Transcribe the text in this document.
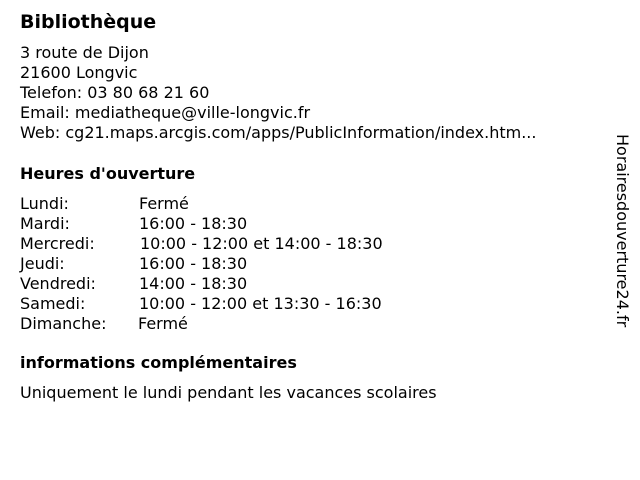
Bibliothèque
3 route de Dijon
21600 Longvic
Telefon: 03 80 68 21 60
Email: mediatheque@ville-longvic.fr
Web: cg21.maps.arcgis.com/apps/PublicInformation/index.htm...
Heures d'ouverture
Lundi:	Fermé
Mardi:	16:00 - 18:30
Mercredi:	10:00 - 12:00 et 14:00 - 18:30
Jeudi:	16:00 - 18:30
Vendredi:	14:00 - 18:30
Samedi:	10:00 - 12:00 et 13:30 - 16:30
Dimanche: Fermé
informations complémentaires
Uniquement le lundi pendant les vacances scolaires
Horairesdouverture24.fr
